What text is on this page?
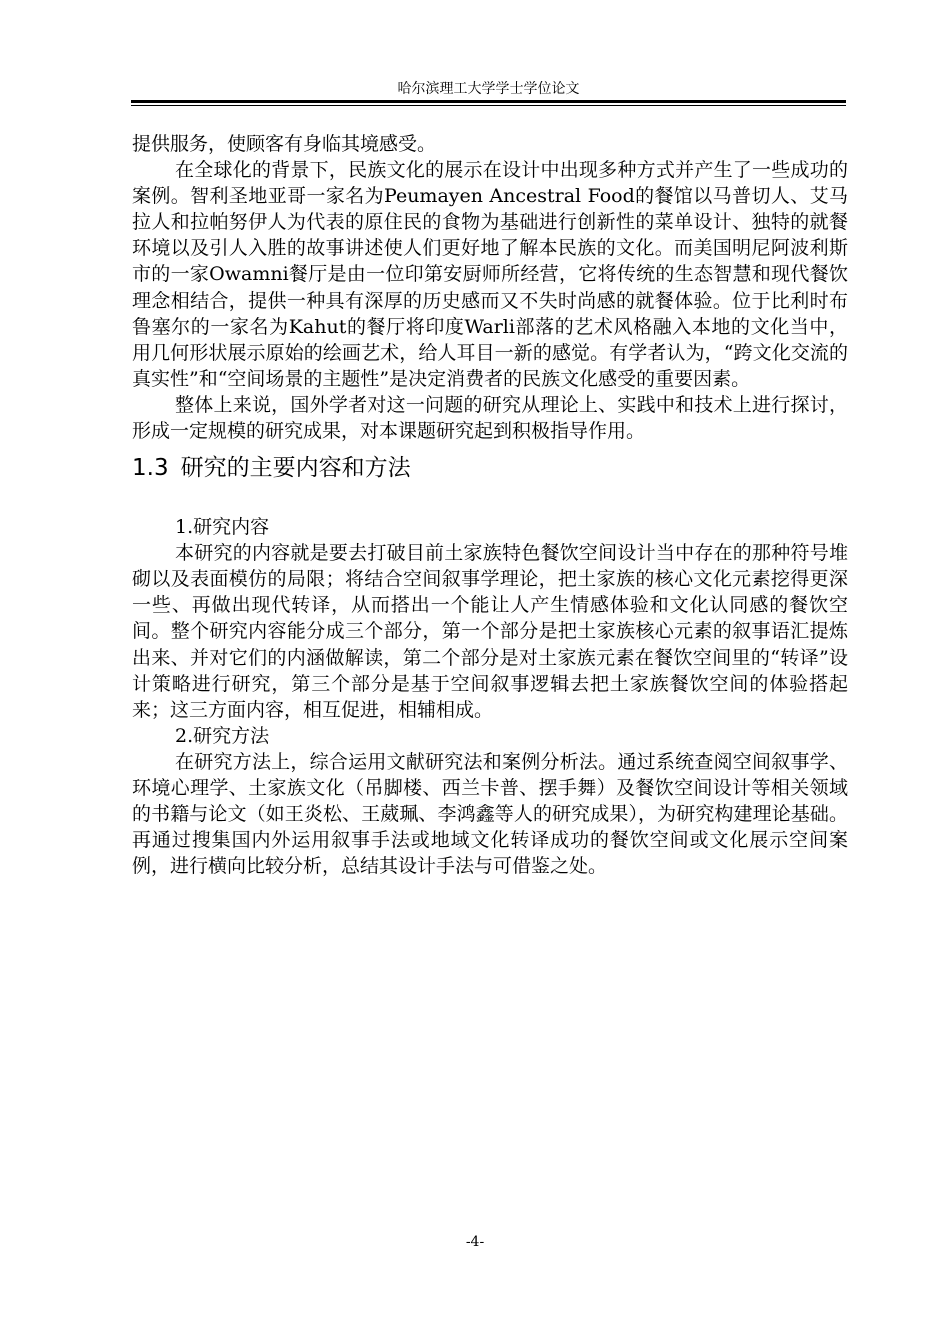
哈尔滨理工大学学士学位论文

提供服务，使顾客有身临其境感受。

在全球化的背景下，民族文化的展示在设计中出现多种方式并产生了一些成功的案例。智利圣地亚哥一家名为Peumayen Ancestral Food的餐馆以马普切人、艾马拉人和拉帕努伊人为代表的原住民的食物为基础进行创新性的菜单设计、独特的就餐环境以及引人入胜的故事讲述使人们更好地了解本民族的文化。而美国明尼阿波利斯市的一家Owamni餐厅是由一位印第安厨师所经营，它将传统的生态智慧和现代餐饮理念相结合，提供一种具有深厚的历史感而又不失时尚感的就餐体验。位于比利时布鲁塞尔的一家名为Kahut的餐厅将印度Warli部落的艺术风格融入本地的文化当中，用几何形状展示原始的绘画艺术，给人耳目一新的感觉。有学者认为，“跨文化交流的真实性”和“空间场景的主题性”是决定消费者的民族文化感受的重要因素。

整体上来说，国外学者对这一问题的研究从理论上、实践中和技术上进行探讨，形成一定规模的研究成果，对本课题研究起到积极指导作用。

1.3 研究的主要内容和方法

1.研究内容

本研究的内容就是要去打破目前土家族特色餐饮空间设计当中存在的那种符号堆砌以及表面模仿的局限；将结合空间叙事学理论，把土家族的核心文化元素挖得更深一些、再做出现代转译，从而搭出一个能让人产生情感体验和文化认同感的餐饮空间。整个研究内容能分成三个部分，第一个部分是把土家族核心元素的叙事语汇提炼出来、并对它们的内涵做解读，第二个部分是对土家族元素在餐饮空间里的“转译”设计策略进行研究，第三个部分是基于空间叙事逻辑去把土家族餐饮空间的体验搭起来；这三方面内容，相互促进，相辅相成。

2.研究方法

在研究方法上，综合运用文献研究法和案例分析法。通过系统查阅空间叙事学、环境心理学、土家族文化（吊脚楼、西兰卡普、摆手舞）及餐饮空间设计等相关领域的书籍与论文（如王炎松、王葳珮、李鸿鑫等人的研究成果），为研究构建理论基础。再通过搜集国内外运用叙事手法或地域文化转译成功的餐饮空间或文化展示空间案例，进行横向比较分析，总结其设计手法与可借鉴之处。

-4-
